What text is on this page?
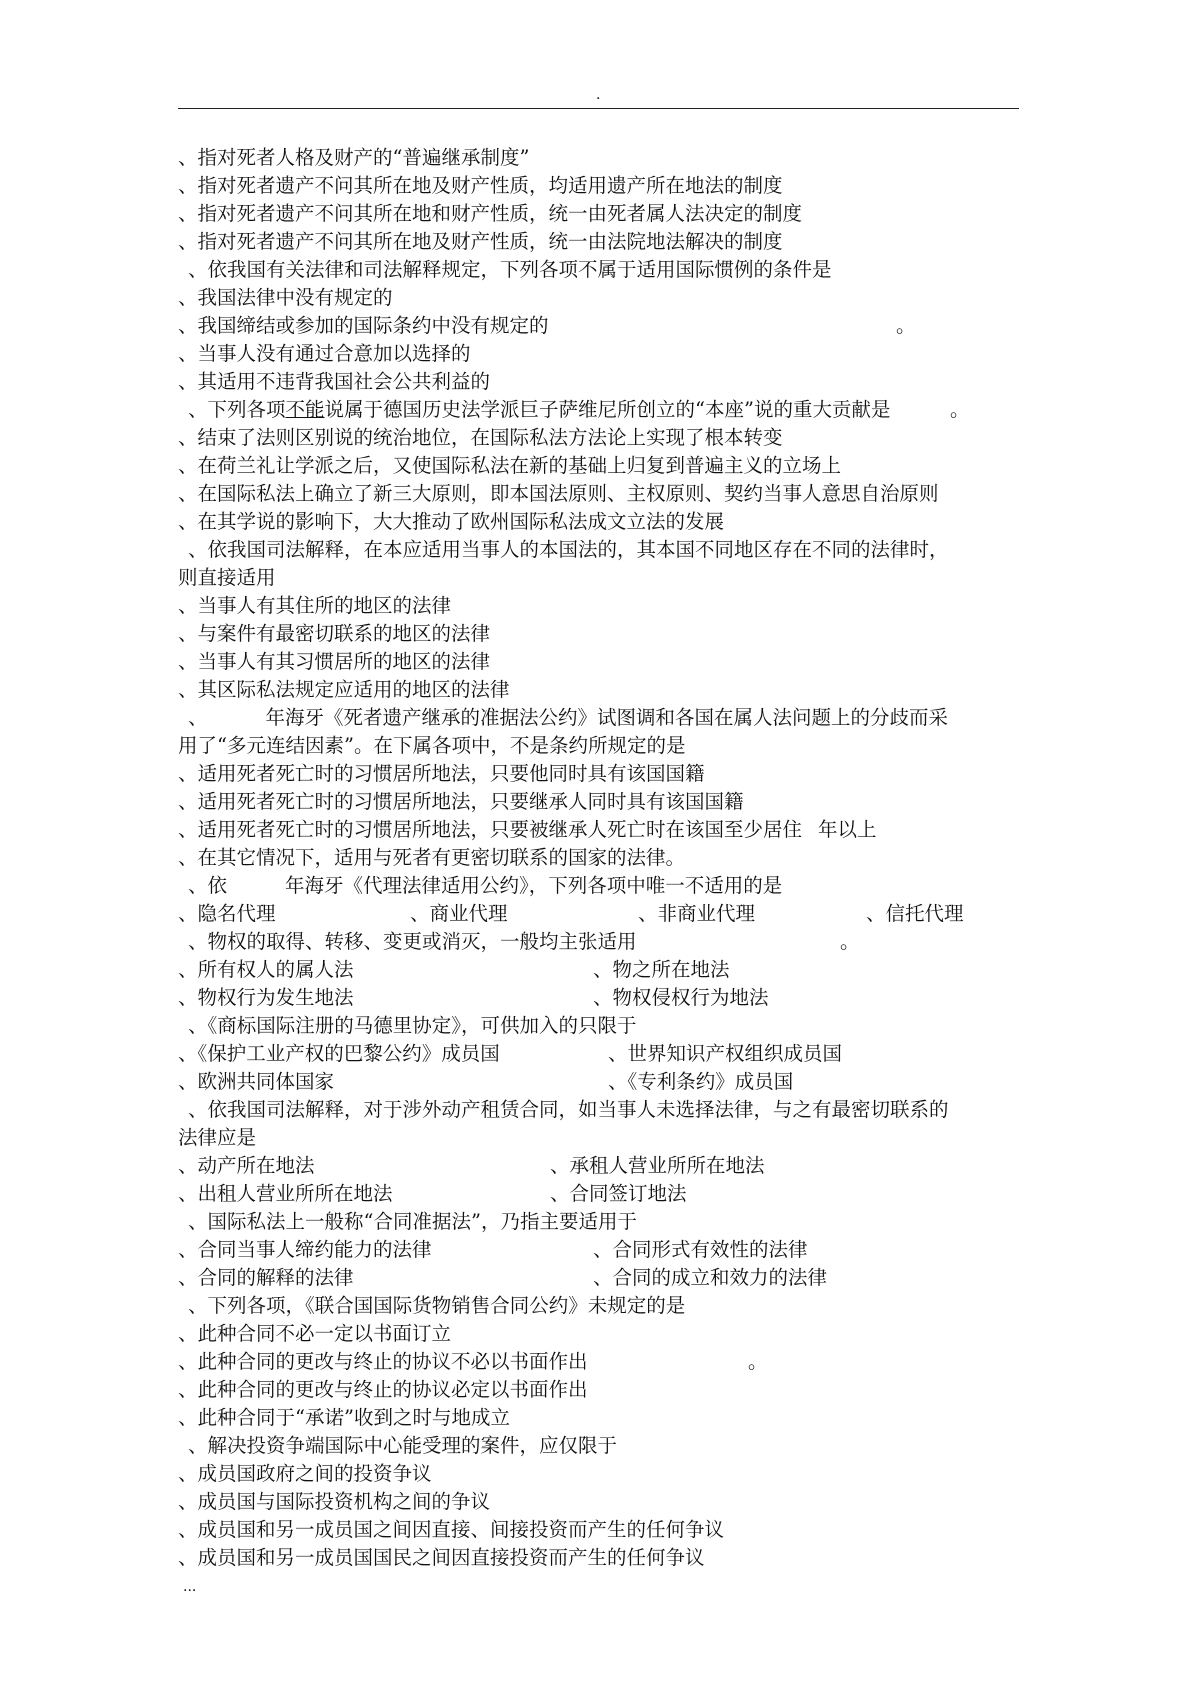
.
、指对死者人格及财产的“普遍继承制度”
、指对死者遗产不问其所在地及财产性质，均适用遗产所在地法的制度
、指对死者遗产不问其所在地和财产性质，统一由死者属人法决定的制度
、指对死者遗产不问其所在地及财产性质，统一由法院地法解决的制度
、依我国有关法律和司法解释规定，下列各项不属于适用国际惯例的条件是
、我国法律中没有规定的
、我国缔结或参加的国际条约中没有规定的	。
、当事人没有通过合意加以选择的
、其适用不违背我国社会公共利益的
、下列各项不能说属于德国历史法学派巨子萨维尼所创立的“本座”说的重大贡献是	。
、结束了法则区别说的统治地位，在国际私法方法论上实现了根本转变
、在荷兰礼让学派之后，又使国际私法在新的基础上归复到普遍主义的立场上
、在国际私法上确立了新三大原则，即本国法原则、主权原则、契约当事人意思自治原则
、在其学说的影响下，大大推动了欧州国际私法成文立法的发展
、依我国司法解释，在本应适用当事人的本国法的，其本国不同地区存在不同的法律时，
则直接适用
、当事人有其住所的地区的法律
、与案件有最密切联系的地区的法律
、当事人有其习惯居所的地区的法律
、其区际私法规定应适用的地区的法律
、	年海牙《死者遗产继承的准据法公约》试图调和各国在属人法问题上的分歧而采
用了“多元连结因素”。在下属各项中，不是条约所规定的是
、适用死者死亡时的习惯居所地法，只要他同时具有该国国籍
、适用死者死亡时的习惯居所地法，只要继承人同时具有该国国籍
、适用死者死亡时的习惯居所地法，只要被继承人死亡时在该国至少居住 年以上
、在其它情况下，适用与死者有更密切联系的国家的法律。
、依	年海牙《代理法律适用公约》，下列各项中唯一不适用的是
、隐名代理	、商业代理	、非商业代理	、信托代理
、物权的取得、转移、变更或消灭，一般均主张适用	。
、所有权人的属人法	、物之所在地法
、物权行为发生地法	、物权侵权行为地法
、《商标国际注册的马德里协定》，可供加入的只限于
、《保护工业产权的巴黎公约》成员国	、世界知识产权组织成员国
、欧洲共同体国家	、《专利条约》成员国
、依我国司法解释，对于涉外动产租赁合同，如当事人未选择法律，与之有最密切联系的
法律应是
、动产所在地法	、承租人营业所所在地法
、出租人营业所所在地法	、合同签订地法
、国际私法上一般称“合同准据法”，乃指主要适用于
、合同当事人缔约能力的法律	、合同形式有效性的法律
、合同的解释的法律	、合同的成立和效力的法律
、下列各项，《联合国国际货物销售合同公约》未规定的是
、此种合同不必一定以书面订立
、此种合同的更改与终止的协议不必以书面作出	。
、此种合同的更改与终止的协议必定以书面作出
、此种合同于“承诺”收到之时与地成立
、解决投资争端国际中心能受理的案件，应仅限于
、成员国政府之间的投资争议
、成员国与国际投资机构之间的争议
、成员国和另一成员国之间因直接、间接投资而产生的任何争议
、成员国和另一成员国国民之间因直接投资而产生的任何争议
...
